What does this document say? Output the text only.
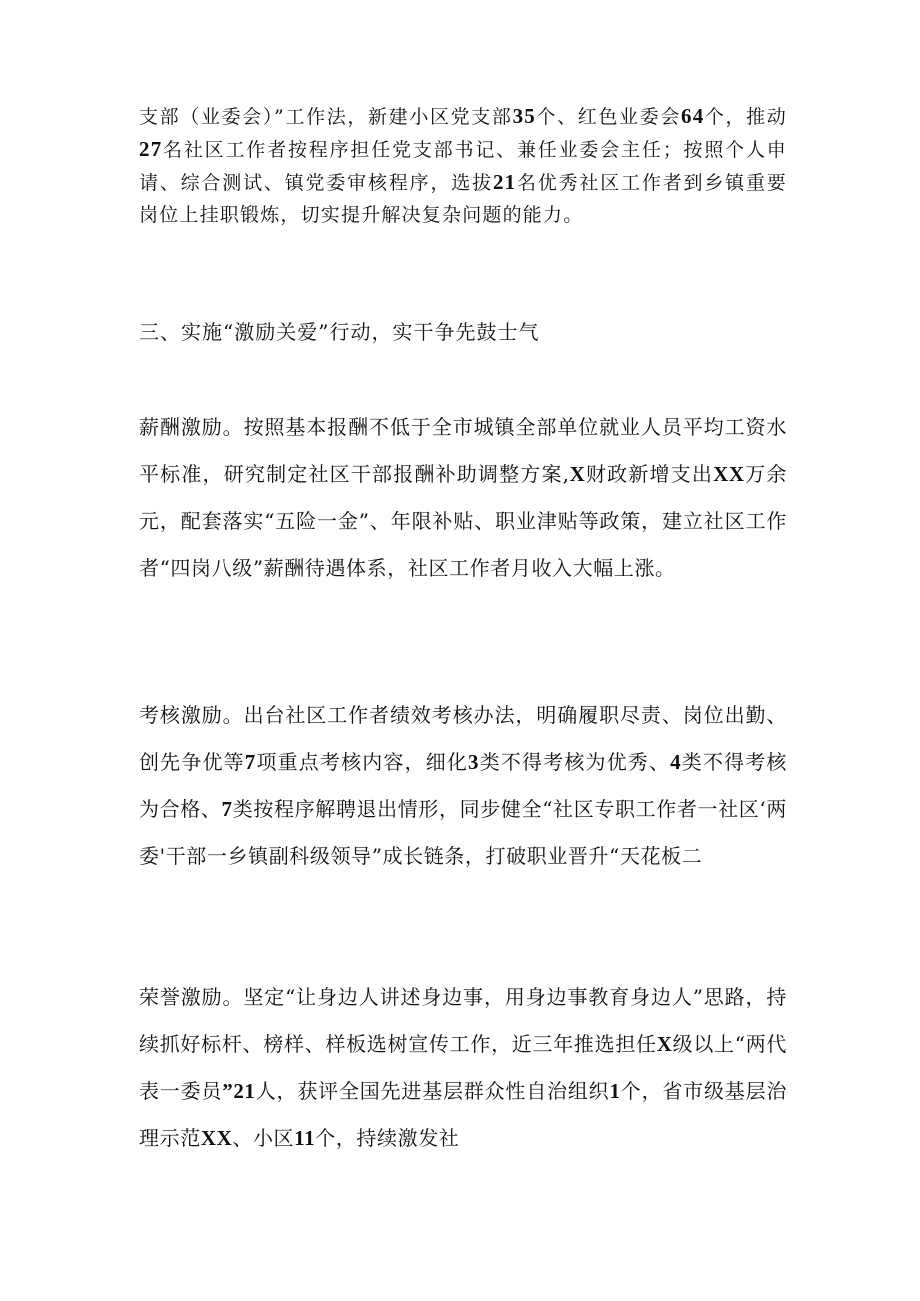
支部（业委会）”工作法，新建小区党支部35个、红色业委会64个，推动27名社区工作者按程序担任党支部书记、兼任业委会主任；按照个人申请、综合测试、镇党委审核程序，选拔21名优秀社区工作者到乡镇重要岗位上挂职锻炼，切实提升解决复杂问题的能力。

三、实施“激励关爱”行动，实干争先鼓士气

薪酬激励。按照基本报酬不低于全市城镇全部单位就业人员平均工资水平标准，研究制定社区干部报酬补助调整方案,X财政新增支出XX万余元，配套落实“五险一金”、年限补贴、职业津贴等政策，建立社区工作者“四岗八级”薪酬待遇体系，社区工作者月收入大幅上涨。

考核激励。出台社区工作者绩效考核办法，明确履职尽责、岗位出勤、创先争优等7项重点考核内容，细化3类不得考核为优秀、4类不得考核为合格、7类按程序解聘退出情形，同步健全“社区专职工作者一社区‘两委'干部一乡镇副科级领导”成长链条，打破职业晋升“天花板二

荣誉激励。坚定“让身边人讲述身边事，用身边事教育身边人”思路，持续抓好标杆、榜样、样板选树宣传工作，近三年推选担任X级以上“两代表一委员”21人，获评全国先进基层群众性自治组织1个，省市级基层治理示范XX、小区11个，持续激发社
